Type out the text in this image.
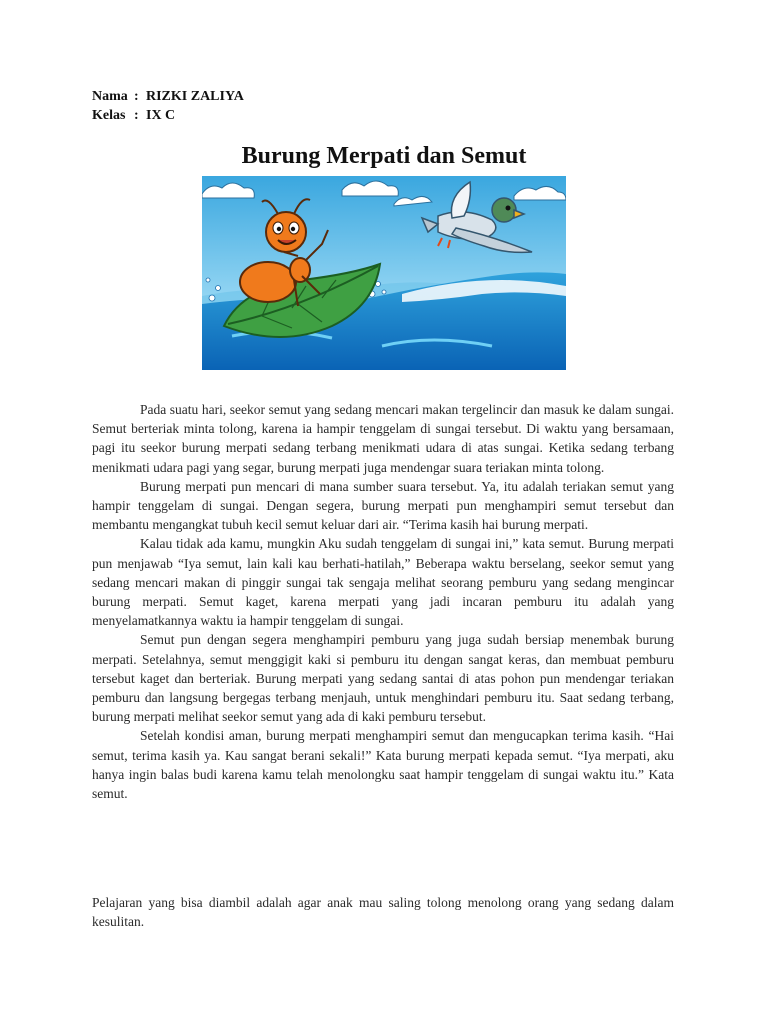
Nama : RIZKI ZALIYA
Kelas : IX C
Burung Merpati dan Semut

Pada suatu hari, seekor semut yang sedang mencari makan tergelincir dan masuk ke dalam sungai. Semut berteriak minta tolong, karena ia hampir tenggelam di sungai tersebut. Di waktu yang bersamaan, pagi itu seekor burung merpati sedang terbang menikmati udara di atas sungai. Ketika sedang terbang menikmati udara pagi yang segar, burung merpati juga mendengar suara teriakan minta tolong.

Burung merpati pun mencari di mana sumber suara tersebut. Ya, itu adalah teriakan semut yang hampir tenggelam di sungai. Dengan segera, burung merpati pun menghampiri semut tersebut dan membantu mengangkat tubuh kecil semut keluar dari air. “Terima kasih hai burung merpati.

Kalau tidak ada kamu, mungkin Aku sudah tenggelam di sungai ini,” kata semut. Burung merpati pun menjawab “Iya semut, lain kali kau berhati-hatilah,” Beberapa waktu berselang, seekor semut yang sedang mencari makan di pinggir sungai tak sengaja melihat seorang pemburu yang sedang mengincar burung merpati. Semut kaget, karena merpati yang jadi incaran pemburu itu adalah yang menyelamatkannya waktu ia hampir tenggelam di sungai.

Semut pun dengan segera menghampiri pemburu yang juga sudah bersiap menembak burung merpati. Setelahnya, semut menggigit kaki si pemburu itu dengan sangat keras, dan membuat pemburu tersebut kaget dan berteriak. Burung merpati yang sedang santai di atas pohon pun mendengar teriakan pemburu dan langsung bergegas terbang menjauh, untuk menghindari pemburu itu. Saat sedang terbang, burung merpati melihat seekor semut yang ada di kaki pemburu tersebut.

Setelah kondisi aman, burung merpati menghampiri semut dan mengucapkan terima kasih. “Hai semut, terima kasih ya. Kau sangat berani sekali!” Kata burung merpati kepada semut. “Iya merpati, aku hanya ingin balas budi karena kamu telah menolongku saat hampir tenggelam di sungai waktu itu.” Kata semut.

Pelajaran yang bisa diambil adalah agar anak mau saling tolong menolong orang yang sedang dalam kesulitan.
